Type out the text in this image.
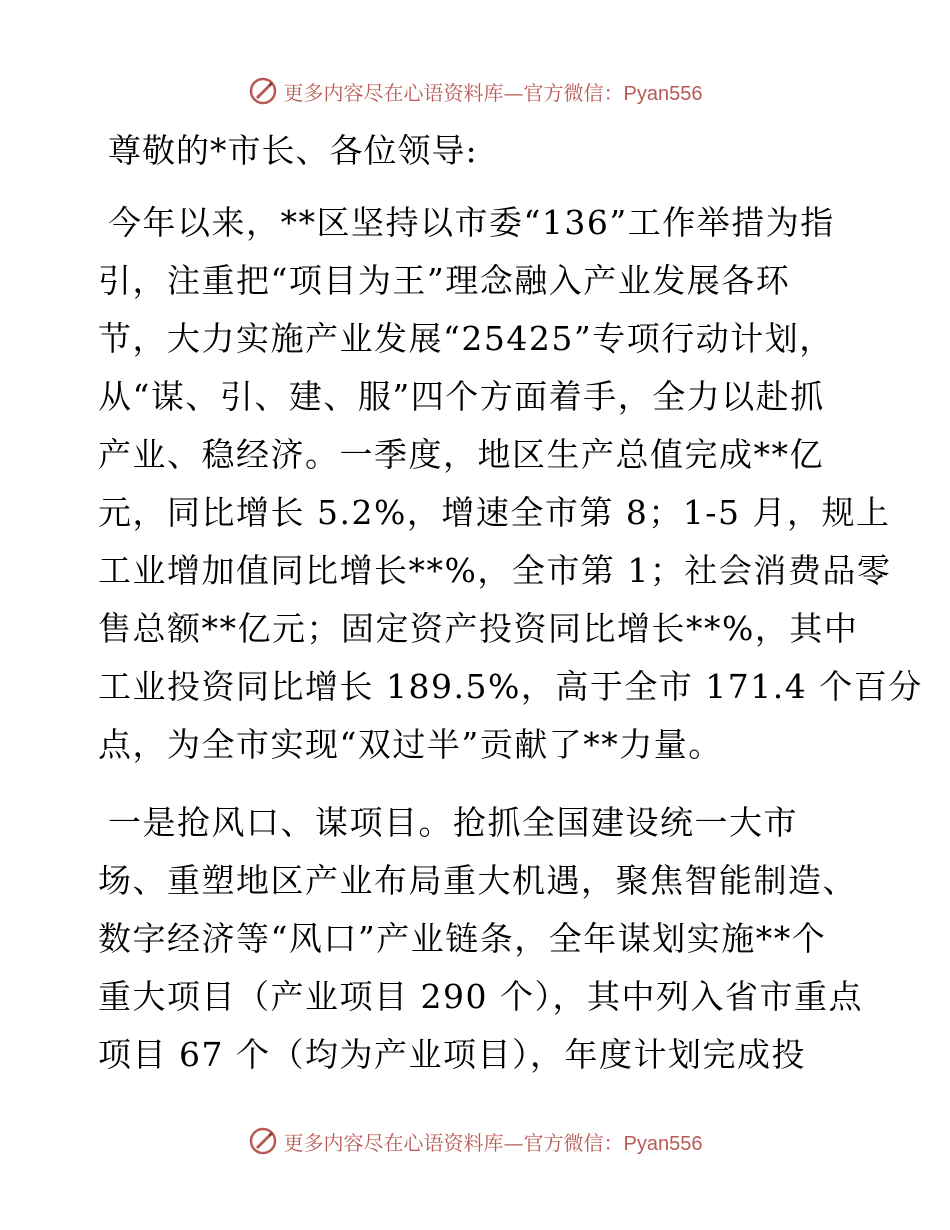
更多内容尽在心语资料库—官方微信：Pyan556
尊敬的*市长、各位领导:
今年以来，**区坚持以市委“136”工作举措为指
引，注重把“项目为王”理念融入产业发展各环
节，大力实施产业发展“25425”专项行动计划，
从“谋、引、建、服”四个方面着手，全力以赴抓
产业、稳经济。一季度，地区生产总值完成**亿
元，同比增长 5.2%，增速全市第 8；1-5 月，规上
工业增加值同比增长**%，全市第 1；社会消费品零
售总额**亿元；固定资产投资同比增长**%，其中
工业投资同比增长 189.5%，高于全市 171.4 个百分
点，为全市实现“双过半”贡献了**力量。
一是抢风口、谋项目。抢抓全国建设统一大市
场、重塑地区产业布局重大机遇，聚焦智能制造、
数字经济等“风口”产业链条，全年谋划实施**个
重大项目（产业项目 290 个），其中列入省市重点
项目 67 个（均为产业项目），年度计划完成投
更多内容尽在心语资料库—官方微信：Pyan556
